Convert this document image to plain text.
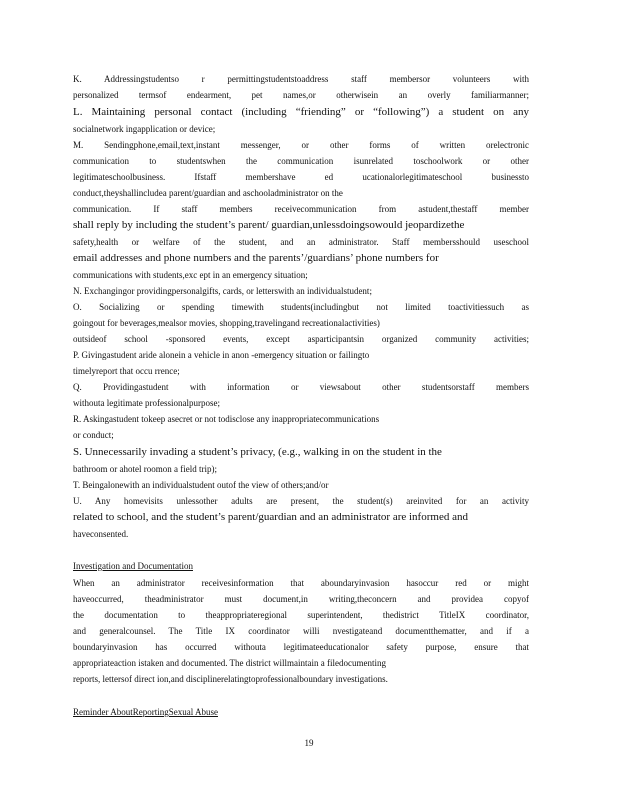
K. Addressingstudentso r permittingstudentstoaddress staff membersor volunteers with
personalized termsof endearment, pet names,or otherwisein an overly familiarmanner;
L. Maintaining personal contact (including “friending” or “following”) a student on any
socialnetwork ingapplication or device;
M. Sendingphone,email,text,instant messenger, or other forms of written orelectronic
communication to studentswhen the communication isunrelated toschoolwork or other
legitimateschoolbusiness. Ifstaff membershave ed ucationalorlegitimateschool businessto
conduct,theyshallincludea parent/guardian and aschooladministrator on the
communication. If staff members receivecommunication from astudent,thestaff member
shall reply by including the student’s parent/ guardian,unlessdoingsowould jeopardizethe
safety,health or welfare of the student, and an administrator. Staff membersshould useschool
email addresses and phone numbers and the parents’/guardians’ phone numbers for
communications with students,exc ept in an emergency situation;
N. Exchangingor providingpersonalgifts, cards, or letterswith an individualstudent;
O. Socializing or spending timewith students(includingbut not limited toactivitiessuch as
goingout for beverages,mealsor movies, shopping,travelingand recreationalactivities)
outsideof school -sponsored events, except asparticipantsin organized community activities;
P. Givingastudent aride alonein a vehicle in anon -emergency situation or failingto
timelyreport that occu rrence;
Q. Providingastudent with information or viewsabout other studentsorstaff members
withouta legitimate professionalpurpose;
R. Askingastudent tokeep asecret or not todisclose any inappropriatecommunications
or conduct;
S. Unnecessarily invading a student’s privacy, (e.g., walking in on the student in the
bathroom or ahotel roomon a field trip);
T. Beingalonewith an individualstudent outof the view of others;and/or
U. Any homevisits unlessother adults are present, the student(s) areinvited for an activity
related to school, and the student’s parent/guardian and an administrator are informed and
haveconsented.
Investigation and Documentation
When an administrator receivesinformation that aboundaryinvasion hasoccur red or might
haveoccurred, theadministrator must document,in writing,theconcern and providea copyof
the documentation to theappropriateregional superintendent, thedistrict TitleIX coordinator,
and generalcounsel. The Title IX coordinator willi nvestigateand documentthematter, and if a
boundaryinvasion has occurred withouta legitimateeducationalor safety purpose, ensure that
appropriateaction istaken and documented. The district willmaintain a filedocumenting
reports, lettersof direct ion,and disciplinerelatingtoprofessionalboundary investigations.
Reminder AboutReportingSexual Abuse
19
